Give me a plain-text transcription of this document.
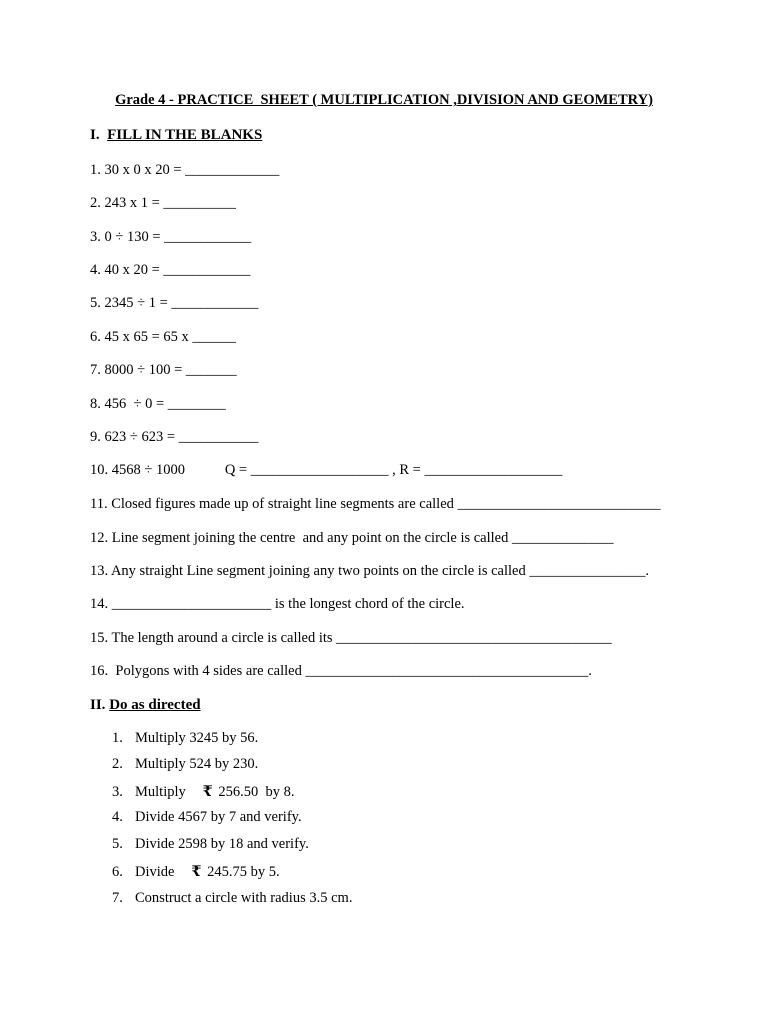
Grade 4 - PRACTICE  SHEET ( MULTIPLICATION ,DIVISION AND GEOMETRY)
I. FILL IN THE BLANKS
1. 30 x 0 x 20 = _____________
2. 243 x 1 = __________
3. 0 ÷ 130 = ____________
4. 40 x 20 = ____________
5. 2345 ÷ 1 = ____________
6. 45 x 65 = 65 x ______
7. 8000 ÷ 100 = _______
8. 456  ÷ 0 = ________
9. 623 ÷ 623 = ___________
10. 4568 ÷ 1000           Q = ___________________ , R = ___________________
11. Closed figures made up of straight line segments are called ____________________________
12. Line segment joining the centre  and any point on the circle is called ______________
13. Any straight Line segment joining any two points on the circle is called ________________.
14. ______________________ is the longest chord of the circle.
15. The length around a circle is called its ______________________________________
16.  Polygons with 4 sides are called _______________________________________.
II. Do as directed
1. Multiply 3245 by 56.
2. Multiply 524 by 230.
3. Multiply   ₹ 256.50  by 8.
4. Divide 4567 by 7 and verify.
5. Divide 2598 by 18 and verify.
6. Divide   ₹ 245.75 by 5.
7. Construct a circle with radius 3.5 cm.
